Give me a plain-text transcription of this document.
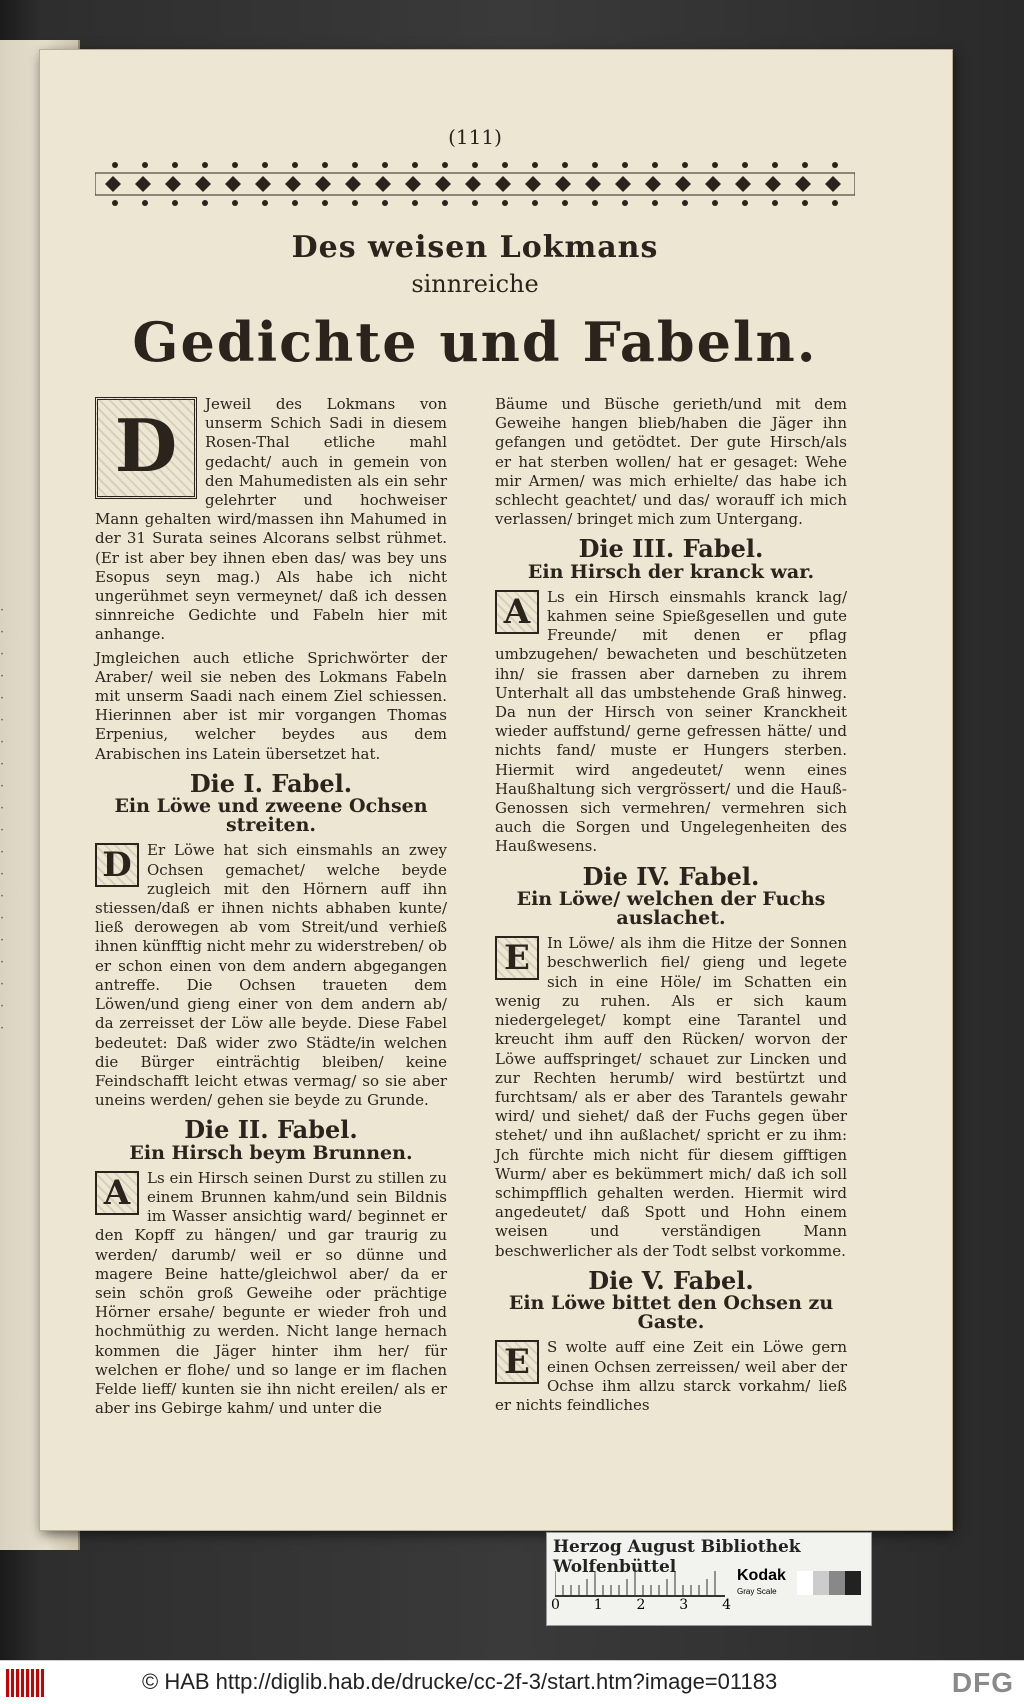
·
·
·
·
·
·
·
·
·
·
·
·
·
·
·
·
·
·
·
·
(111)
Des weisen Lokmans
sinnreiche
Gedichte und Fabeln.

D	Jeweil des Lokmans von unserm Schich Sadi in diesem Rosen-Thal etliche mahl gedacht/ auch in gemein von den Mahumedisten als ein sehr gelehrter und hochweiser Mann gehalten wird/massen ihn Mahumed in der 31 Surata seines Alcorans selbst rühmet. (Er ist aber bey ihnen eben das/ was bey uns Esopus seyn mag.) Als habe ich nicht ungerühmet seyn vermeynet/ daß ich dessen sinnreiche Gedichte und Fabeln hier mit anhange.

Jmgleichen auch etliche Sprichwörter der Araber/ weil sie neben des Lokmans Fabeln mit unserm Saadi nach einem Ziel schiessen. Hierinnen aber ist mir vorgangen Thomas Erpenius, welcher beydes aus dem Arabischen ins Latein übersetzet hat.

Die I. Fabel.
Ein Löwe und zweene Ochsen streiten.

D	Er Löwe hat sich einsmahls an zwey Ochsen gemachet/ welche beyde zugleich mit den Hörnern auff ihn stiessen/daß er ihnen nichts abhaben kunte/ ließ derowegen ab vom Streit/und verhieß ihnen künfftig nicht mehr zu widerstreben/ ob er schon einen von dem andern abgegangen antreffe. Die Ochsen traueten dem Löwen/und gieng einer von dem andern ab/ da zerreisset der Löw alle beyde. Diese Fabel bedeutet: Daß wider zwo Städte/in welchen die Bürger einträchtig bleiben/ keine Feindschafft leicht etwas vermag/ so sie aber uneins werden/ gehen sie beyde zu Grunde.

Die II. Fabel.
Ein Hirsch beym Brunnen.

A	Ls ein Hirsch seinen Durst zu stillen zu einem Brunnen kahm/und sein Bildnis im Wasser ansichtig ward/ beginnet er den Kopff zu hängen/ und gar traurig zu werden/ darumb/ weil er so dünne und magere Beine hatte/gleichwol aber/ da er sein schön groß Geweihe oder prächtige Hörner ersahe/ begunte er wieder froh und hochmüthig zu werden. Nicht lange hernach kommen die Jäger hinter ihm her/ für welchen er flohe/ und so lange er im flachen Felde lieff/ kunten sie ihn nicht ereilen/ als er aber ins Gebirge kahm/ und unter die

Bäume und Büsche gerieth/und mit dem Geweihe hangen blieb/haben die Jäger ihn gefangen und getödtet. Der gute Hirsch/als er hat sterben wollen/ hat er gesaget: Wehe mir Armen/ was mich erhielte/ das habe ich schlecht geachtet/ und das/ worauff ich mich verlassen/ bringet mich zum Untergang.

Die III. Fabel.
Ein Hirsch der kranck war.

A	Ls ein Hirsch einsmahls kranck lag/ kahmen seine Spießgesellen und gute Freunde/ mit denen er pflag umbzugehen/ bewacheten und beschützeten ihn/ sie frassen aber darneben zu ihrem Unterhalt all das umbstehende Graß hinweg. Da nun der Hirsch von seiner Kranckheit wieder auffstund/ gerne gefressen hätte/ und nichts fand/ muste er Hungers sterben. Hiermit wird angedeutet/ wenn eines Haußhaltung sich vergrössert/ und die Hauß-Genossen sich vermehren/ vermehren sich auch die Sorgen und Ungelegenheiten des Haußwesens.

Die IV. Fabel.
Ein Löwe/ welchen der Fuchs auslachet.

E	In Löwe/ als ihm die Hitze der Sonnen beschwerlich fiel/ gieng und legete sich in eine Höle/ im Schatten ein wenig zu ruhen. Als er sich kaum niedergeleget/ kompt eine Tarantel und kreucht ihm auff den Rücken/ worvon der Löwe auffspringet/ schauet zur Lincken und zur Rechten herumb/ wird bestürtzt und furchtsam/ als er aber des Tarantels gewahr wird/ und siehet/ daß der Fuchs gegen über stehet/ und ihn außlachet/ spricht er zu ihm: Jch fürchte mich nicht für diesem gifftigen Wurm/ aber es bekümmert mich/ daß ich soll schimpfflich gehalten werden. Hiermit wird angedeutet/ daß Spott und Hohn einem weisen und verständigen Mann beschwerlicher als der Todt selbst vorkomme.

Die V. Fabel.
Ein Löwe bittet den Ochsen zu Gaste.

E	S wolte auff eine Zeit ein Löwe gern einen Ochsen zerreissen/ weil aber der Ochse ihm allzu starck vorkahm/ ließ er nichts feindliches

Herzog August Bibliothek Wolfenbüttel
0 1 2 3 4
Kodak
Gray Scale
© HAB http://diglib.hab.de/drucke/cc-2f-3/start.htm?image=01183	DFG
